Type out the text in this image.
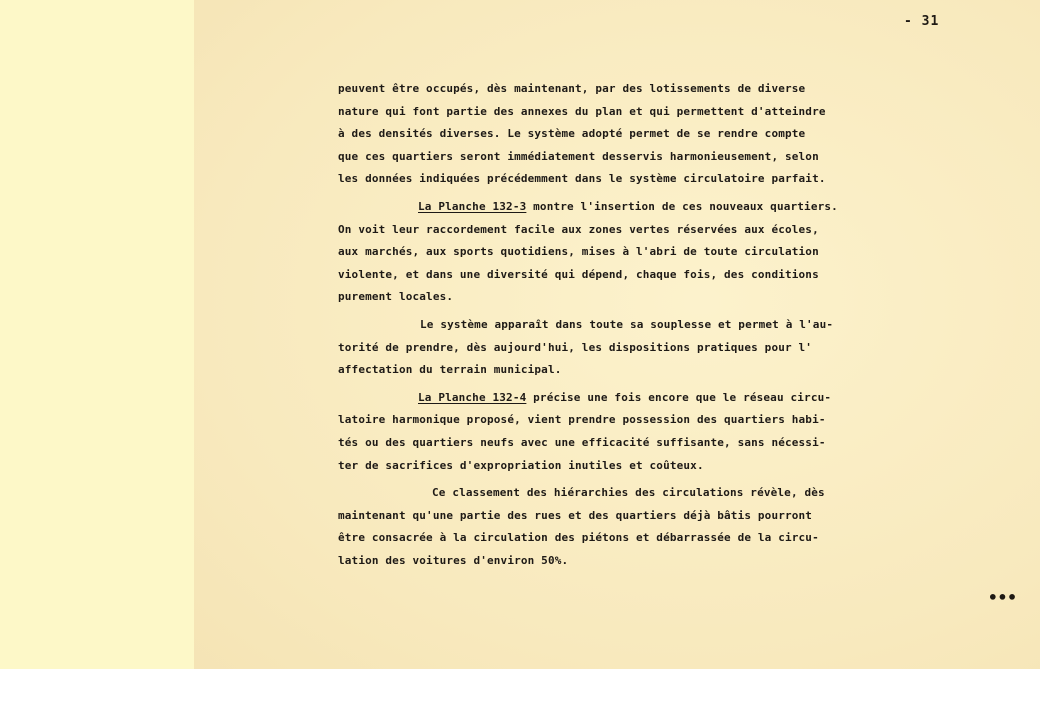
- 31

peuvent être occupés, dès maintenant, par des lotissements de diverse
nature qui font partie des annexes du plan et qui permettent d'atteindre
à des densités diverses. Le système adopté permet de se rendre compte
que ces quartiers seront immédiatement desservis harmonieusement, selon
les données indiquées précédemment dans le système circulatoire parfait.

La Planche 132-3 montre l'insertion de ces nouveaux quartiers.
On voit leur raccordement facile aux zones vertes réservées aux écoles,
aux marchés, aux sports quotidiens, mises à l'abri de toute circulation
violente, et dans une diversité qui dépend, chaque fois, des conditions
purement locales.

Le système apparaît dans toute sa souplesse et permet à l'au-
torité de prendre, dès aujourd'hui, les dispositions pratiques pour l'
affectation du terrain municipal.

La Planche 132-4 précise une fois encore que le réseau circu-
latoire harmonique proposé, vient prendre possession des quartiers habi-
tés ou des quartiers neufs avec une efficacité suffisante, sans nécessi-
ter de sacrifices d'expropriation inutiles et coûteux.

Ce classement des hiérarchies des circulations révèle, dès
maintenant qu'une partie des rues et des quartiers déjà bâtis pourront
être consacrée à la circulation des piétons et débarrassée de la circu-
lation des voitures d'environ 50%.

•••
